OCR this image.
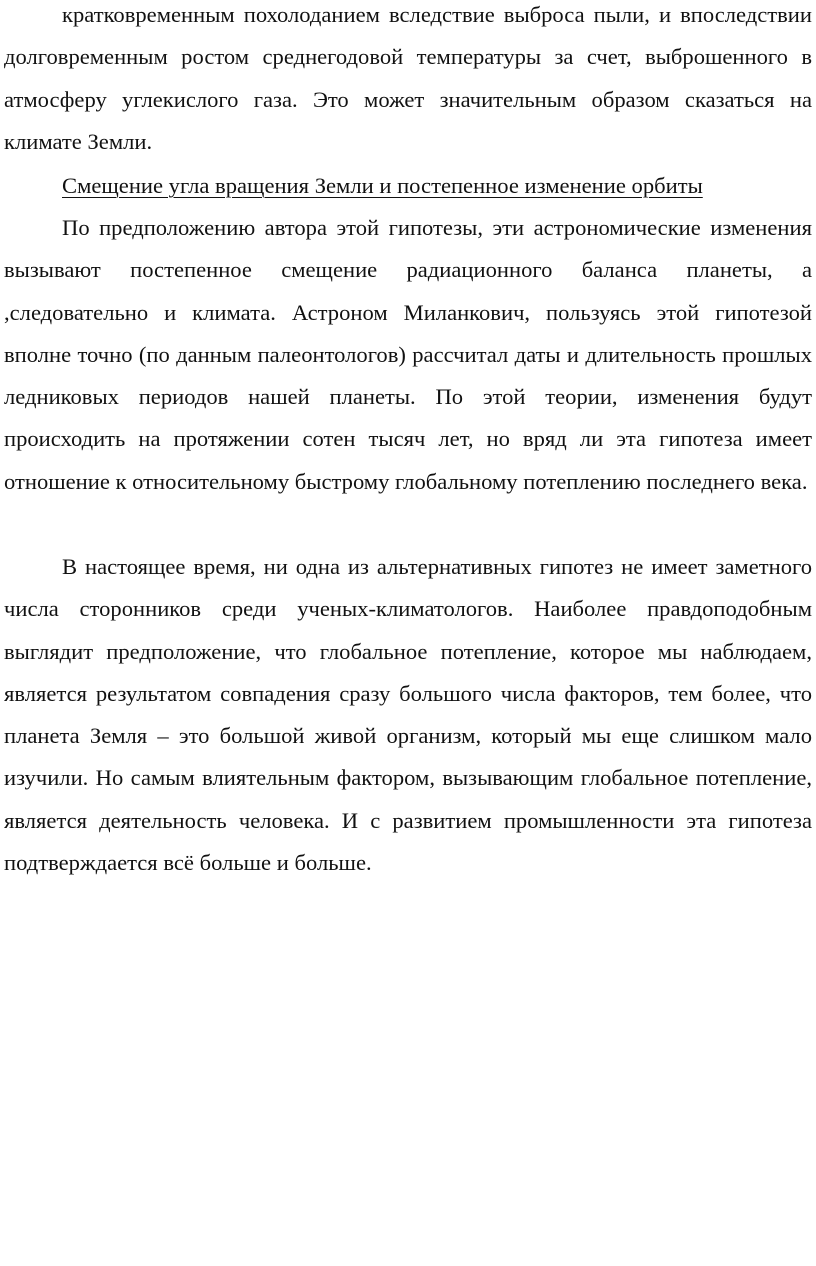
кратковременным похолоданием вследствие выброса пыли, и впоследствии долговременным ростом среднегодовой температуры за счет, выброшенного в атмосферу углекислого газа. Это может значительным образом сказаться на климате Земли.

Смещение угла вращения Земли и постепенное изменение орбиты

По предположению автора этой гипотезы, эти астрономические изменения вызывают постепенное смещение радиационного баланса планеты, а ,следовательно и климата. Астроном Миланкович, пользуясь этой гипотезой вполне точно (по данным палеонтологов) рассчитал даты и длительность прошлых ледниковых периодов нашей планеты. По этой теории, изменения будут происходить на протяжении сотен тысяч лет, но вряд ли эта гипотеза имеет отношение к относительному быстрому глобальному потеплению последнего века.

В настоящее время, ни одна из альтернативных гипотез не имеет заметного числа сторонников среди ученых-климатологов. Наиболее правдоподобным выглядит предположение, что глобальное потепление, которое мы наблюдаем, является результатом совпадения сразу большого числа факторов, тем более, что планета Земля – это большой живой организм, который мы еще слишком мало изучили. Но самым влиятельным фактором, вызывающим глобальное потепление, является деятельность человека. И с развитием промышленности эта гипотеза подтверждается всё больше и больше.
